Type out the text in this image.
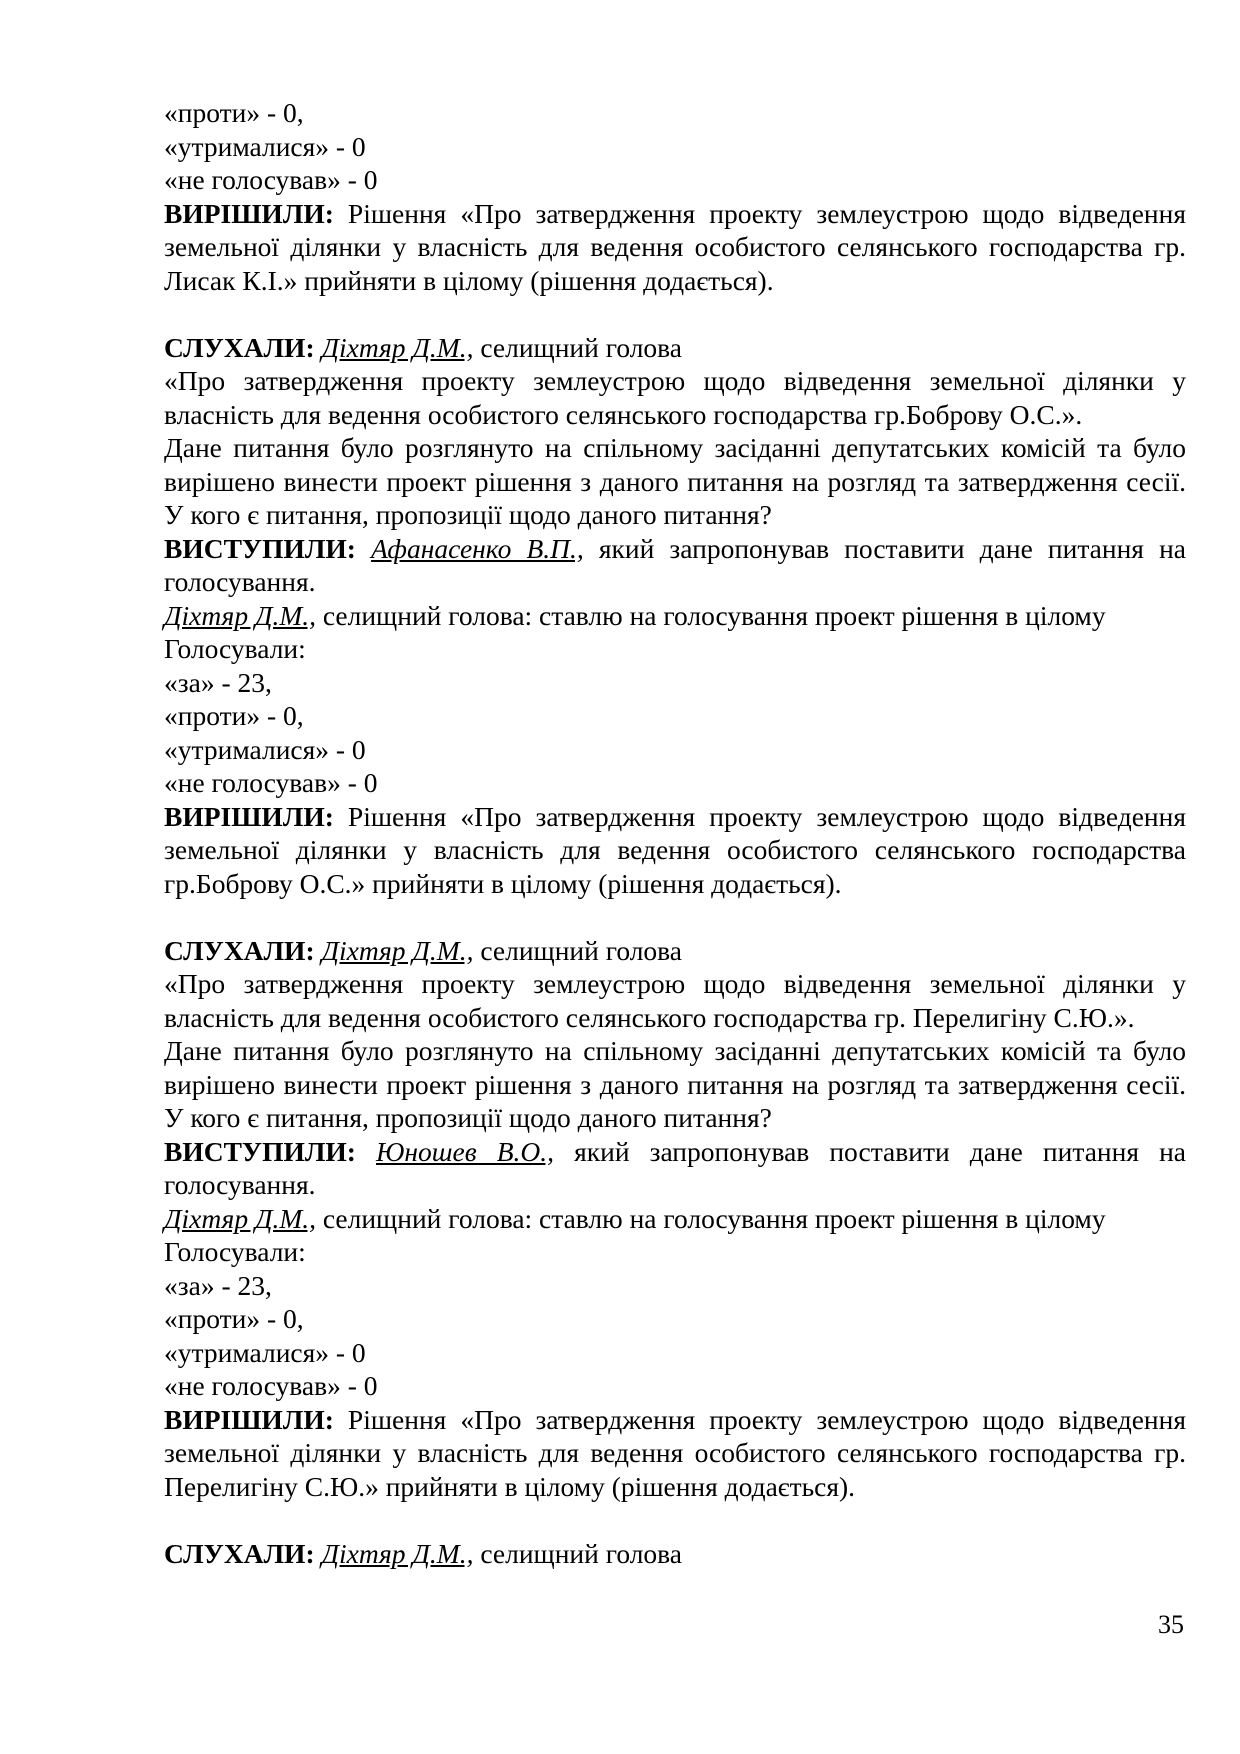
«проти» - 0,
«утрималися» - 0
«не голосував» - 0
ВИРІШИЛИ: Рішення «Про затвердження проекту землеустрою щодо відведення земельної ділянки у власність для ведення особистого селянського господарства гр. Лисак К.І.» прийняти в цілому (рішення додається).
СЛУХАЛИ: Діхтяр Д.М., селищний голова
«Про затвердження проекту землеустрою щодо відведення земельної ділянки у власність для ведення особистого селянського господарства гр.Боброву О.С.».
Дане питання було розглянуто на спільному засіданні депутатських комісій та було вирішено винести проект рішення з даного питання на розгляд та затвердження сесії. У кого є питання, пропозиції щодо даного питання?
ВИСТУПИЛИ: Афанасенко В.П., який запропонував поставити дане питання на голосування.
Діхтяр Д.М., селищний голова: ставлю на голосування проект рішення в цілому
Голосували:
«за» - 23,
«проти» - 0,
«утрималися» - 0
«не голосував» - 0
ВИРІШИЛИ: Рішення «Про затвердження проекту землеустрою щодо відведення земельної ділянки у власність для ведення особистого селянського господарства гр.Боброву О.С.» прийняти в цілому (рішення додається).
СЛУХАЛИ: Діхтяр Д.М., селищний голова
«Про затвердження проекту землеустрою щодо відведення земельної ділянки у власність для ведення особистого селянського господарства гр. Перелигіну С.Ю.».
Дане питання було розглянуто на спільному засіданні депутатських комісій та було вирішено винести проект рішення з даного питання на розгляд та затвердження сесії. У кого є питання, пропозиції щодо даного питання?
ВИСТУПИЛИ: Юношев В.О., який запропонував поставити дане питання на голосування.
Діхтяр Д.М., селищний голова: ставлю на голосування проект рішення в цілому
Голосували:
«за» - 23,
«проти» - 0,
«утрималися» - 0
«не голосував» - 0
ВИРІШИЛИ: Рішення «Про затвердження проекту землеустрою щодо відведення земельної ділянки у власність для ведення особистого селянського господарства гр. Перелигіну С.Ю.» прийняти в цілому (рішення додається).
СЛУХАЛИ: Діхтяр Д.М., селищний голова
35
